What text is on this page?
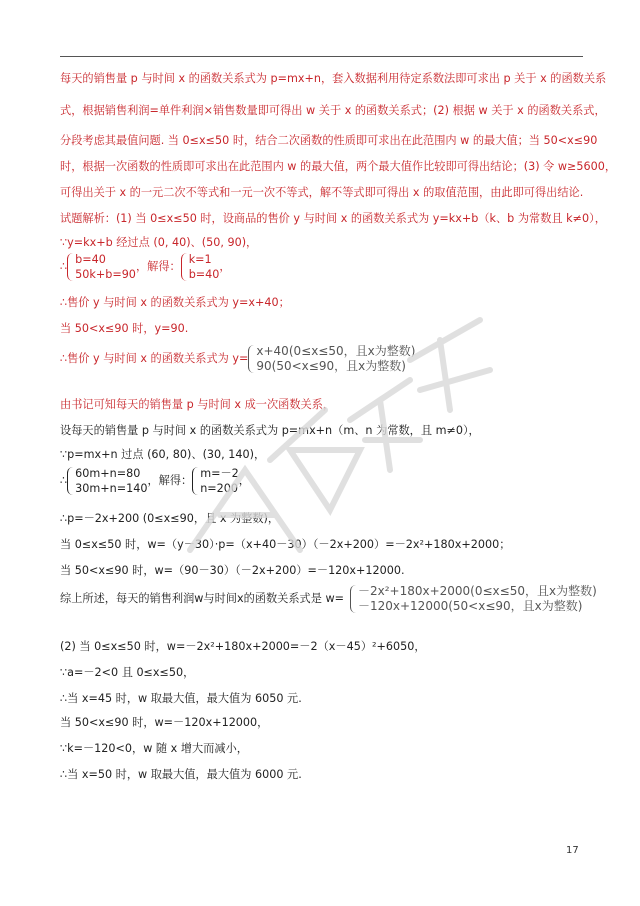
每天的销售量 p 与时间 x 的函数关系式为 p=mx+n，套入数据利用待定系数法即可求出 p 关于 x 的函数关系
式，根据销售利润=单件利润×销售数量即可得出 w 关于 x 的函数关系式；(2) 根据 w 关于 x 的函数关系式，
分段考虑其最值问题. 当 0≤x≤50 时，结合二次函数的性质即可求出在此范围内 w 的最大值；当 50<x≤90
时，根据一次函数的性质即可求出在此范围内 w 的最大值，两个最大值作比较即可得出结论；(3) 令 w≥5600，
可得出关于 x 的一元二次不等式和一元一次不等式，解不等式即可得出 x 的取值范围，由此即可得出结论.
试题解析：(1) 当 0≤x≤50 时，设商品的售价 y 与时间 x 的函数关系式为 y=kx+b（k、b 为常数且 k≠0），
∵y=kx+b 经过点 (0, 40)、(50, 90)，
∴
b=40
50k+b=90
，解得：
k=1
b=40
，
∴售价 y 与时间 x 的函数关系式为 y=x+40；
当 50<x≤90 时，y=90.
∴售价 y 与时间 x 的函数关系式为 y=
x+40(0≤x≤50，且x为整数)
90(50<x≤90，且x为整数)
由书记可知每天的销售量 p 与时间 x 成一次函数关系，
设每天的销售量 p 与时间 x 的函数关系式为 p=mx+n（m、n 为常数，且 m≠0），
∵p=mx+n 过点 (60, 80)、(30, 140)，
∴
60m+n=80
30m+n=140
，解得：
m=－2
n=200
，
∴p=－2x+200 (0≤x≤90，且 x 为整数)，
当 0≤x≤50 时，w=（y－30）·p=（x+40－30）（－2x+200）=－2x²+180x+2000；
当 50<x≤90 时，w=（90－30）（－2x+200）=－120x+12000.
综上所述，每天的销售利润w与时间x的函数关系式是 w=
－2x²+180x+2000(0≤x≤50，且x为整数)
－120x+12000(50<x≤90，且x为整数)
(2) 当 0≤x≤50 时，w=－2x²+180x+2000=－2（x－45）²+6050，
∵a=－2<0 且 0≤x≤50，
∴当 x=45 时，w 取最大值，最大值为 6050 元.
当 50<x≤90 时，w=－120x+12000，
∵k=－120<0，w 随 x 增大而减小，
∴当 x=50 时，w 取最大值，最大值为 6000 元.
17
